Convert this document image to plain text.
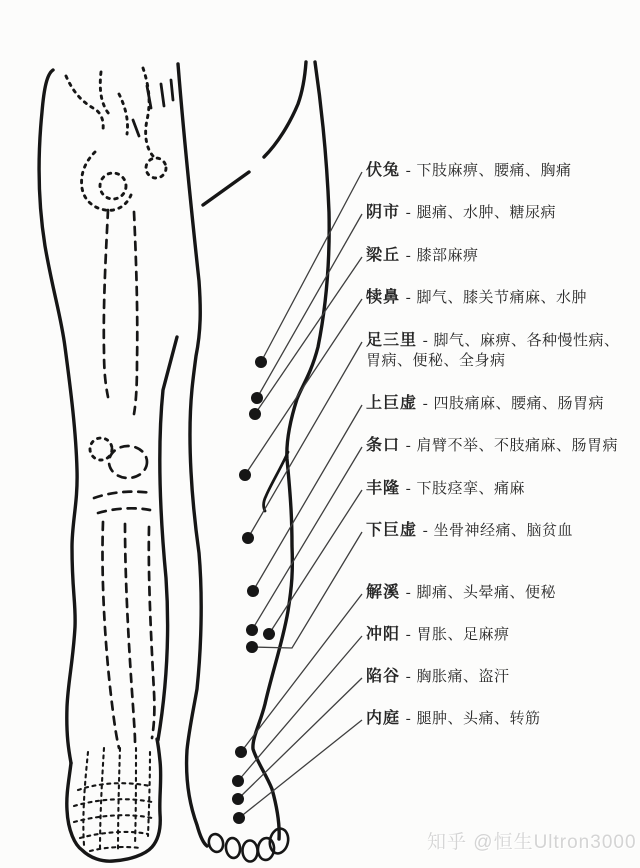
伏兔 - 下肢麻痹、腰痛、胸痛
阴市 - 腿痛、水肿、糖尿病
梁丘 - 膝部麻痹
犊鼻 - 脚气、膝关节痛麻、水肿
足三里 - 脚气、麻痹、各种慢性病、胃病、便秘、全身病
上巨虚 - 四肢痛麻、腰痛、肠胃病
条口 - 肩臂不举、不肢痛麻、肠胃病
丰隆 - 下肢痉挛、痛麻
下巨虚 - 坐骨神经痛、脑贫血
解溪 - 脚痛、头晕痛、便秘
冲阳 - 胃胀、足麻痹
陷谷 - 胸胀痛、盗汗
内庭 - 腿肿、头痛、转筋
知乎 @恒生Ultron3000
